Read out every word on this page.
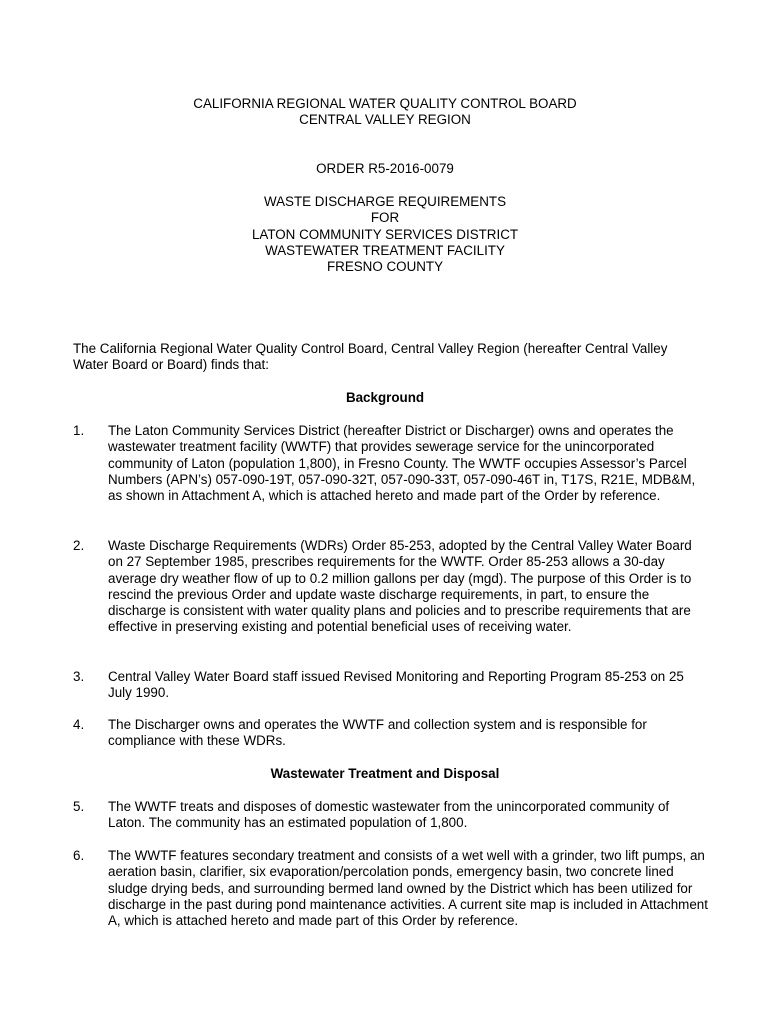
CALIFORNIA REGIONAL WATER QUALITY CONTROL BOARD
CENTRAL VALLEY REGION
ORDER R5-2016-0079
WASTE DISCHARGE REQUIREMENTS
FOR
LATON COMMUNITY SERVICES DISTRICT
WASTEWATER TREATMENT FACILITY
FRESNO COUNTY
The California Regional Water Quality Control Board, Central Valley Region (hereafter Central Valley Water Board or Board) finds that:
Background
1. The Laton Community Services District (hereafter District or Discharger) owns and operates the wastewater treatment facility (WWTF) that provides sewerage service for the unincorporated community of Laton (population 1,800), in Fresno County. The WWTF occupies Assessor’s Parcel Numbers (APN’s) 057-090-19T, 057-090-32T, 057-090-33T, 057-090-46T in, T17S, R21E, MDB&M, as shown in Attachment A, which is attached hereto and made part of the Order by reference.
2. Waste Discharge Requirements (WDRs) Order 85-253, adopted by the Central Valley Water Board on 27 September 1985, prescribes requirements for the WWTF. Order 85-253 allows a 30-day average dry weather flow of up to 0.2 million gallons per day (mgd). The purpose of this Order is to rescind the previous Order and update waste discharge requirements, in part, to ensure the discharge is consistent with water quality plans and policies and to prescribe requirements that are effective in preserving existing and potential beneficial uses of receiving water.
3. Central Valley Water Board staff issued Revised Monitoring and Reporting Program 85-253 on 25 July 1990.
4. The Discharger owns and operates the WWTF and collection system and is responsible for compliance with these WDRs.
Wastewater Treatment and Disposal
5. The WWTF treats and disposes of domestic wastewater from the unincorporated community of Laton. The community has an estimated population of 1,800.
6. The WWTF features secondary treatment and consists of a wet well with a grinder, two lift pumps, an aeration basin, clarifier, six evaporation/percolation ponds, emergency basin, two concrete lined sludge drying beds, and surrounding bermed land owned by the District which has been utilized for discharge in the past during pond maintenance activities. A current site map is included in Attachment A, which is attached hereto and made part of this Order by reference.
